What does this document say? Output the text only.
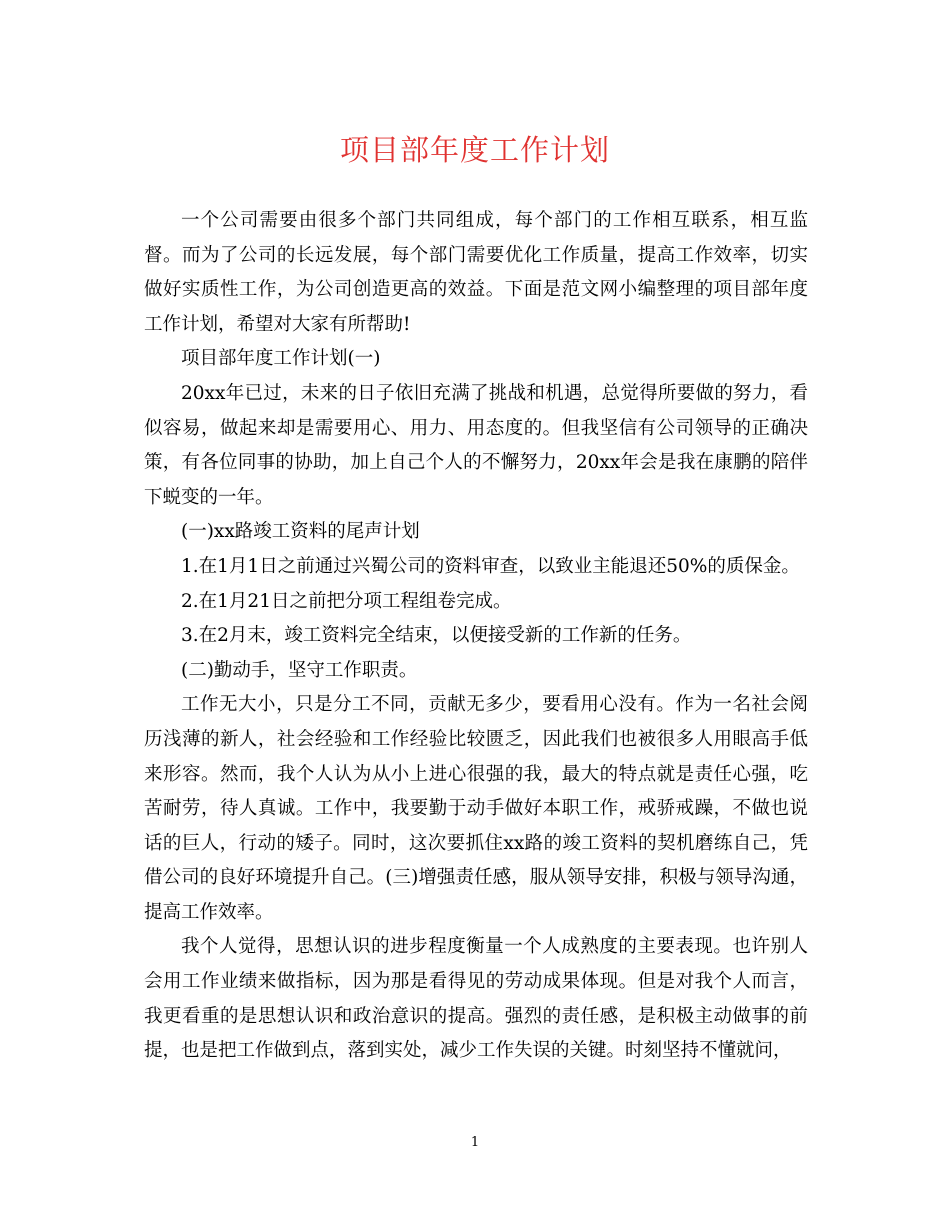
项目部年度工作计划

一个公司需要由很多个部门共同组成，每个部门的工作相互联系，相互监督。而为了公司的长远发展，每个部门需要优化工作质量，提高工作效率，切实做好实质性工作，为公司创造更高的效益。下面是范文网小编整理的项目部年度工作计划，希望对大家有所帮助!

项目部年度工作计划(一)

20xx年已过，未来的日子依旧充满了挑战和机遇，总觉得所要做的努力，看似容易，做起来却是需要用心、用力、用态度的。但我坚信有公司领导的正确决策，有各位同事的协助，加上自己个人的不懈努力，20xx年会是我在康鹏的陪伴下蜕变的一年。

(一)xx路竣工资料的尾声计划

1.在1月1日之前通过兴蜀公司的资料审查，以致业主能退还50%的质保金。

2.在1月21日之前把分项工程组卷完成。

3.在2月末，竣工资料完全结束，以便接受新的工作新的任务。

(二)勤动手，坚守工作职责。

工作无大小，只是分工不同，贡献无多少，要看用心没有。作为一名社会阅历浅薄的新人，社会经验和工作经验比较匮乏，因此我们也被很多人用眼高手低来形容。然而，我个人认为从小上进心很强的我，最大的特点就是责任心强，吃苦耐劳，待人真诚。工作中，我要勤于动手做好本职工作，戒骄戒躁，不做也说话的巨人，行动的矮子。同时，这次要抓住xx路的竣工资料的契机磨练自己，凭借公司的良好环境提升自己。(三)增强责任感，服从领导安排，积极与领导沟通，提高工作效率。

我个人觉得，思想认识的进步程度衡量一个人成熟度的主要表现。也许别人会用工作业绩来做指标，因为那是看得见的劳动成果体现。但是对我个人而言，我更看重的是思想认识和政治意识的提高。强烈的责任感，是积极主动做事的前提，也是把工作做到点，落到实处，减少工作失误的关键。时刻坚持不懂就问，

1
